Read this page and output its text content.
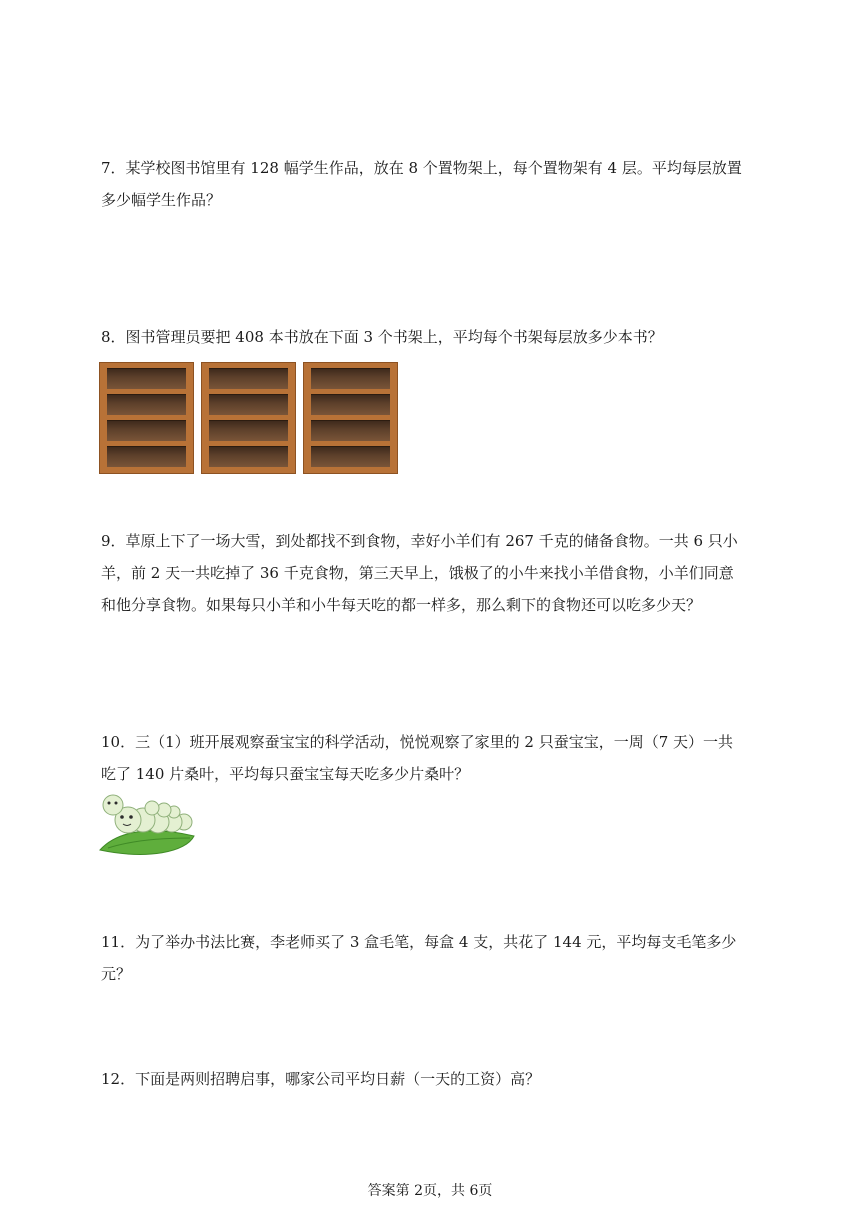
7．某学校图书馆里有 128 幅学生作品，放在 8 个置物架上，每个置物架有 4 层。平均每层放置
多少幅学生作品？
8．图书管理员要把 408 本书放在下面 3 个书架上，平均每个书架每层放多少本书？
9．草原上下了一场大雪，到处都找不到食物，幸好小羊们有 267 千克的储备食物。一共 6 只小
羊，前 2 天一共吃掉了 36 千克食物，第三天早上，饿极了的小牛来找小羊借食物，小羊们同意
和他分享食物。如果每只小羊和小牛每天吃的都一样多，那么剩下的食物还可以吃多少天？
10．三（1）班开展观察蚕宝宝的科学活动，悦悦观察了家里的 2 只蚕宝宝，一周（7 天）一共
吃了 140 片桑叶，平均每只蚕宝宝每天吃多少片桑叶？
11．为了举办书法比赛，李老师买了 3 盒毛笔，每盒 4 支，共花了 144 元，平均每支毛笔多少元？
12．下面是两则招聘启事，哪家公司平均日薪（一天的工资）高？
答案第 2页，共 6页
